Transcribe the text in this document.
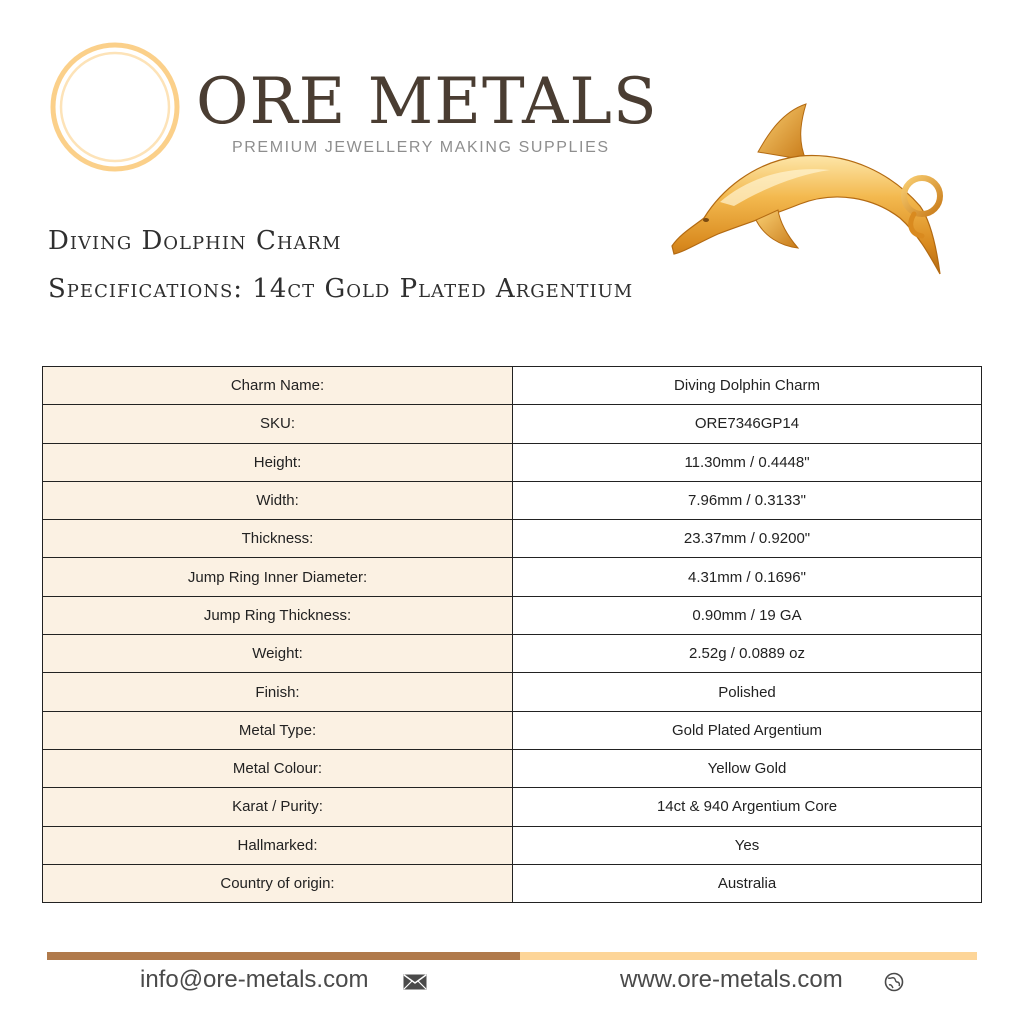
ORE METALS
PREMIUM JEWELLERY MAKING SUPPLIES
Diving Dolphin Charm
Specifications: 14ct Gold Plated Argentium
Charm Name:	Diving Dolphin Charm
SKU:	ORE7346GP14
Height:	11.30mm / 0.4448"
Width:	7.96mm / 0.3133"
Thickness:	23.37mm / 0.9200"
Jump Ring Inner Diameter:	4.31mm / 0.1696"
Jump Ring Thickness:	0.90mm / 19 GA
Weight:	2.52g / 0.0889 oz
Finish:	Polished
Metal Type:	Gold Plated Argentium
Metal Colour:	Yellow Gold
Karat / Purity:	14ct & 940 Argentium Core
Hallmarked:	Yes
Country of origin:	Australia
info@ore-metals.com	www.ore-metals.com
